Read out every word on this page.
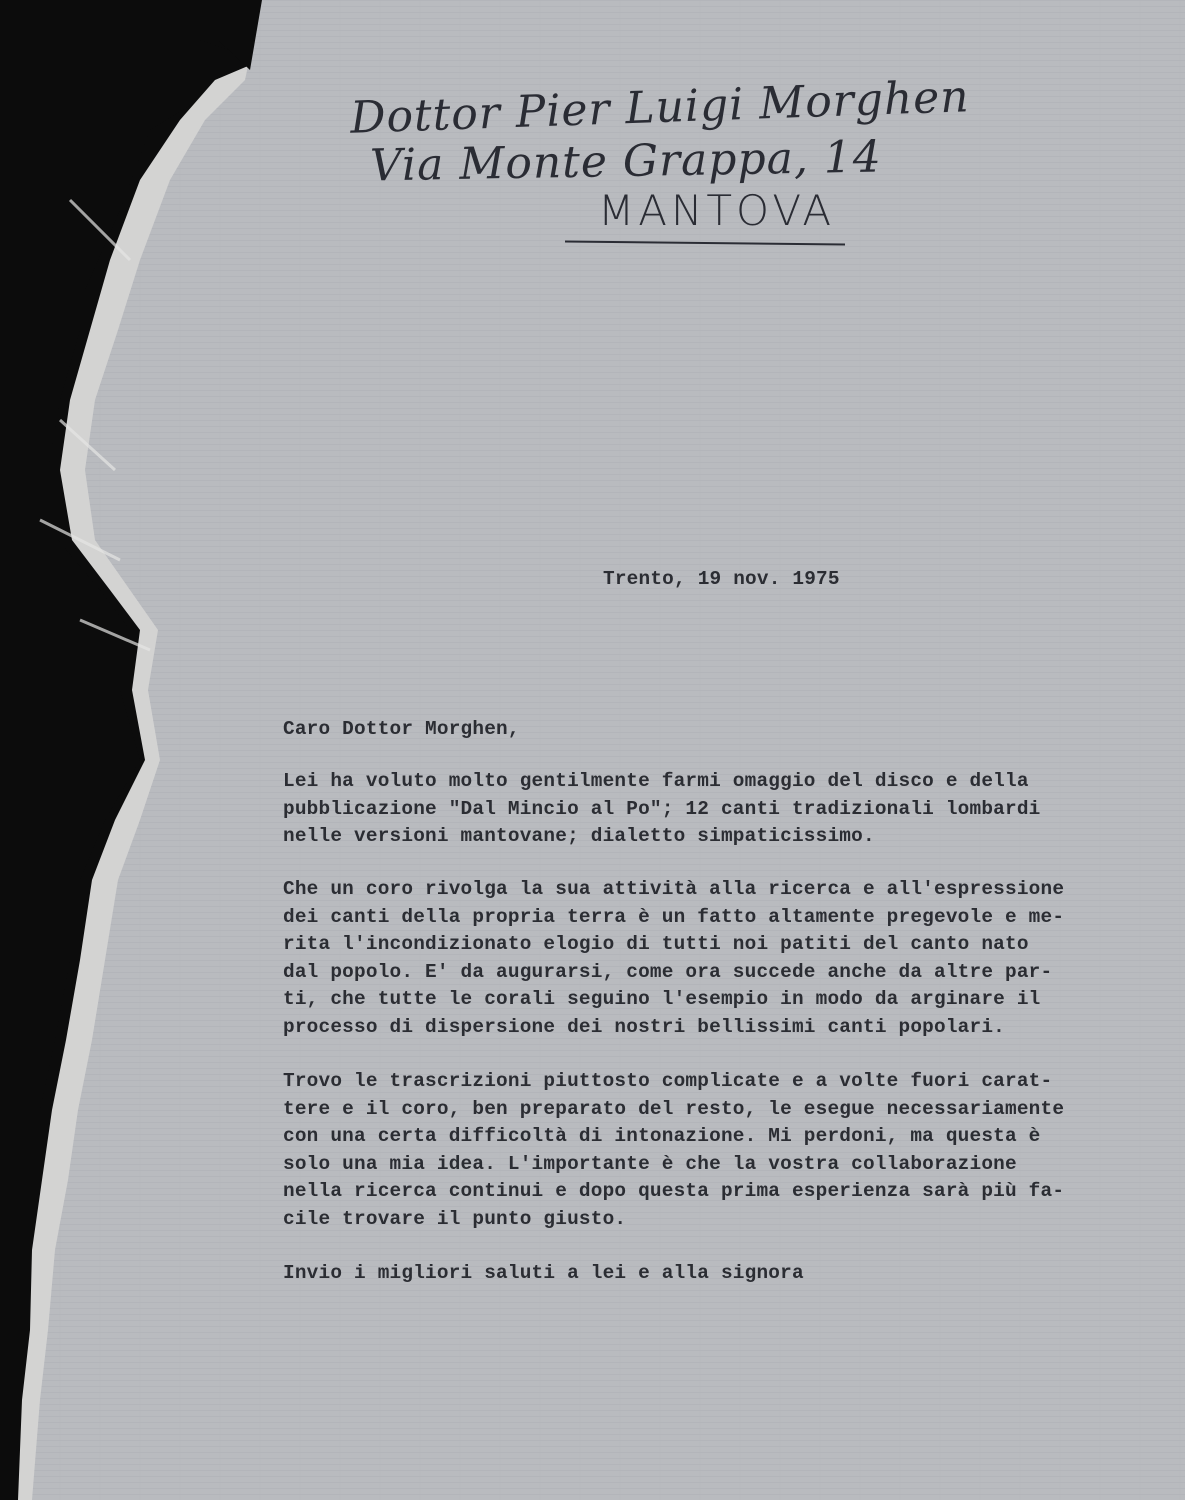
Dottor Pier Luigi Morghen
Via Monte Grappa, 14
MANTOVA
Trento, 19 nov. 1975
Caro Dottor Morghen,
Lei ha voluto molto gentilmente farmi omaggio del disco e della
pubblicazione "Dal Mincio al Po"; 12 canti tradizionali lombardi
nelle versioni mantovane; dialetto simpaticissimo.
Che un coro rivolga la sua attività alla ricerca e all'espressione
dei canti della propria terra è un fatto altamente pregevole e me-
rita l'incondizionato elogio di tutti noi patiti del canto nato
dal popolo. E' da augurarsi, come ora succede anche da altre par-
ti, che tutte le corali seguino l'esempio in modo da arginare il
processo di dispersione dei nostri bellissimi canti popolari.
Trovo le trascrizioni piuttosto complicate e a volte fuori carat-
tere e il coro, ben preparato del resto, le esegue necessariamente
con una certa difficoltà di intonazione. Mi perdoni, ma questa è
solo una mia idea. L'importante è che la vostra collaborazione
nella ricerca continui e dopo questa prima esperienza sarà più fa-
cile trovare il punto giusto.
Invio i migliori saluti a lei e alla signora
